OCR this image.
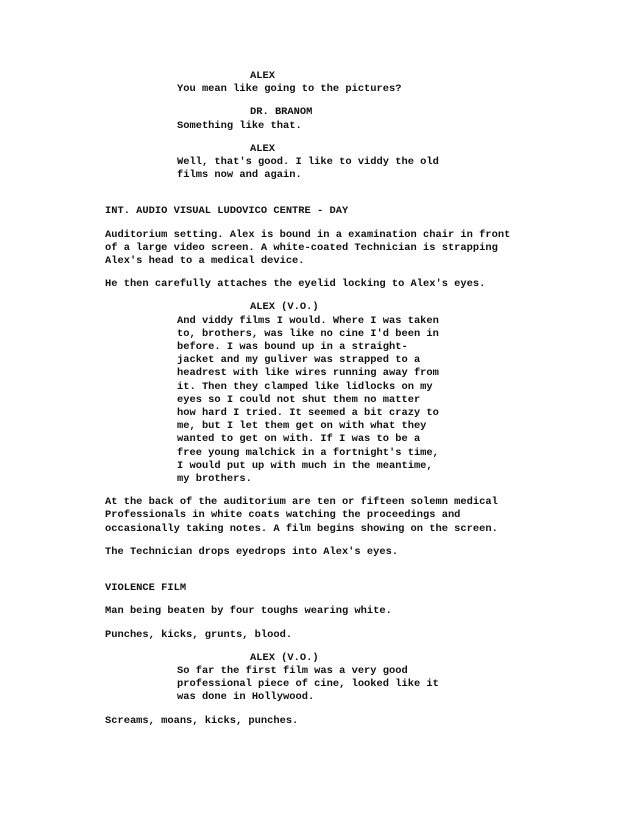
ALEX

You mean like going to the pictures?

DR. BRANOM

Something like that.

ALEX

Well, that's good. I like to viddy the old

films now and again.

INT. AUDIO VISUAL LUDOVICO CENTRE - DAY

Auditorium setting. Alex is bound in a examination chair in front

of a large video screen. A white-coated Technician is strapping

Alex's head to a medical device.

He then carefully attaches the eyelid locking to Alex's eyes.

ALEX (V.O.)

And viddy films I would. Where I was taken

to, brothers, was like no cine I'd been in

before. I was bound up in a straight-

jacket and my guliver was strapped to a

headrest with like wires running away from

it. Then they clamped like lidlocks on my

eyes so I could not shut them no matter

how hard I tried. It seemed a bit crazy to

me, but I let them get on with what they

wanted to get on with. If I was to be a

free young malchick in a fortnight's time,

I would put up with much in the meantime,

my brothers.

At the back of the auditorium are ten or fifteen solemn medical

Professionals in white coats watching the proceedings and

occasionally taking notes. A film begins showing on the screen.

The Technician drops eyedrops into Alex's eyes.

VIOLENCE FILM

Man being beaten by four toughs wearing white.

Punches, kicks, grunts, blood.

ALEX (V.O.)

So far the first film was a very good

professional piece of cine, looked like it

was done in Hollywood.

Screams, moans, kicks, punches.
